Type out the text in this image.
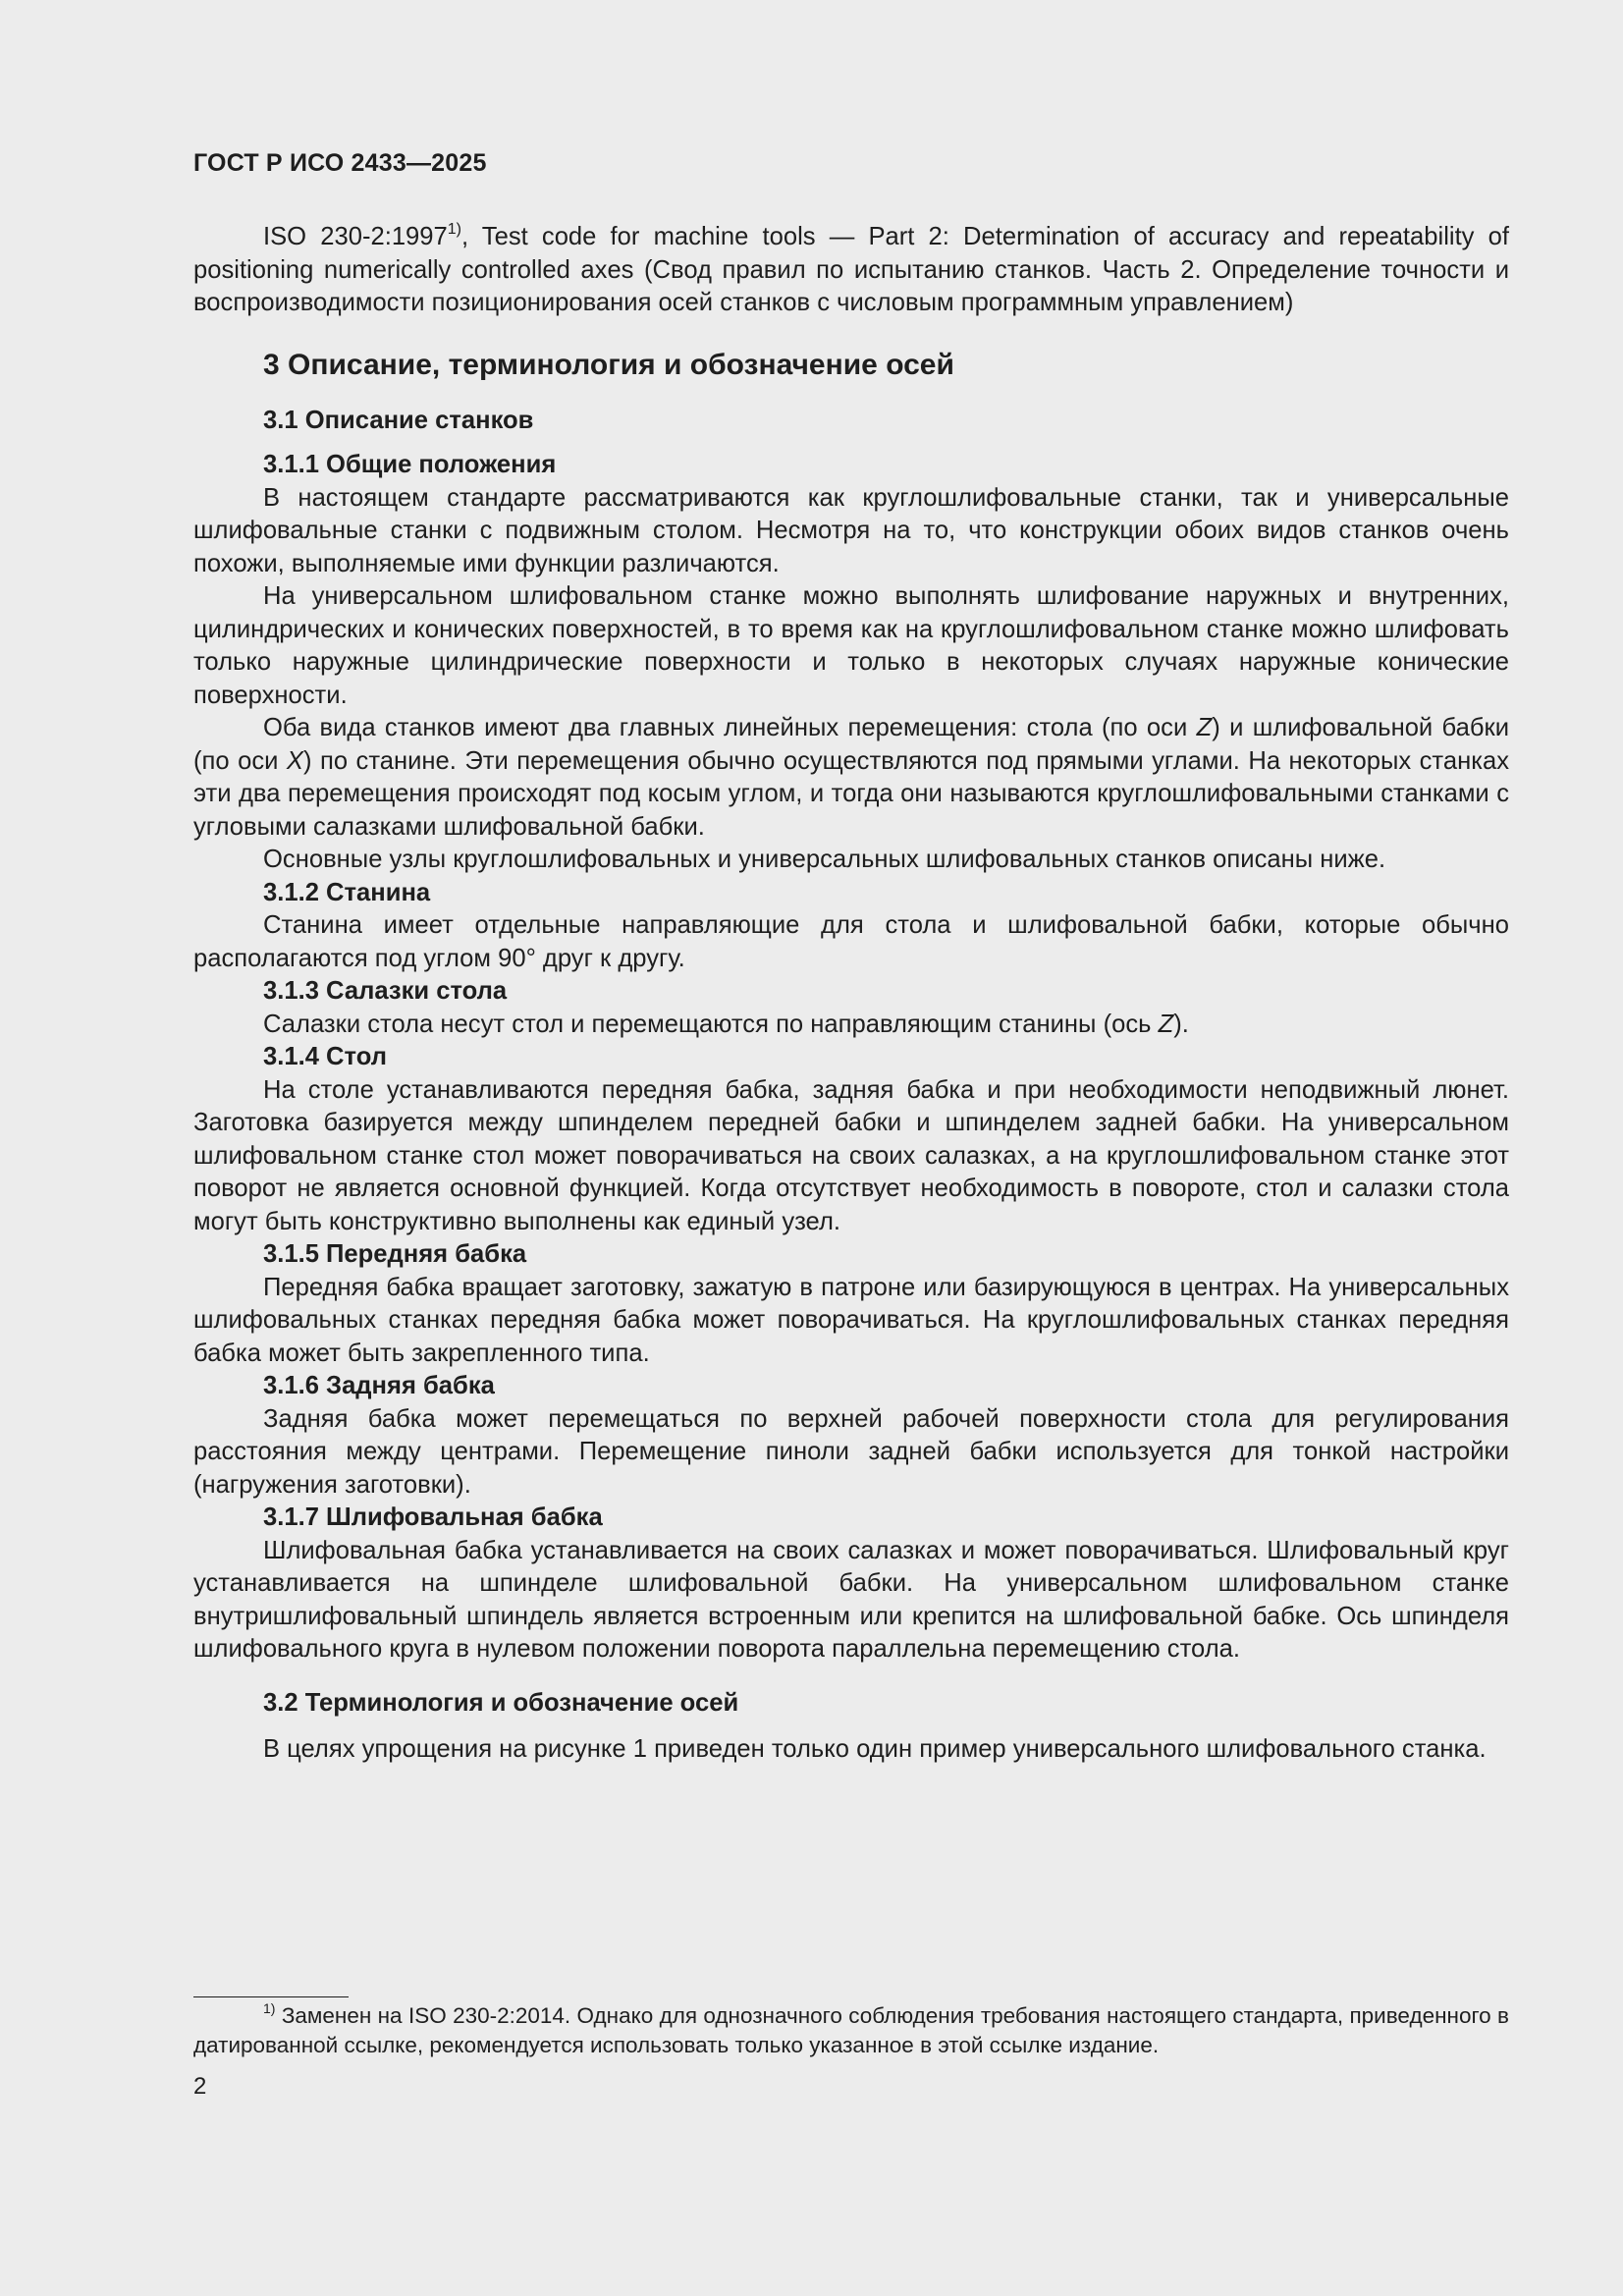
ГОСТ Р ИСО 2433—2025

ISO 230-2:1997$^{1)}$, Test code for machine tools — Part 2: Determination of accuracy and repeatability of positioning numerically controlled axes (Свод правил по испытанию станков. Часть 2. Определение точности и воспроизводимости позиционирования осей станков с числовым программным управлением)

3 Описание, терминология и обозначение осей
3.1 Описание станков
3.1.1 Общие положения

В настоящем стандарте рассматриваются как круглошлифовальные станки, так и универсальные шлифовальные станки с подвижным столом. Несмотря на то, что конструкции обоих видов станков очень похожи, выполняемые ими функции различаются.

На универсальном шлифовальном станке можно выполнять шлифование наружных и внутренних, цилиндрических и конических поверхностей, в то время как на круглошлифовальном станке можно шлифовать только наружные цилиндрические поверхности и только в некоторых случаях наружные конические поверхности.

Оба вида станков имеют два главных линейных перемещения: стола (по оси Z) и шлифовальной бабки (по оси X) по станине. Эти перемещения обычно осуществляются под прямыми углами. На некоторых станках эти два перемещения происходят под косым углом, и тогда они называются круглошлифовальными станками с угловыми салазками шлифовальной бабки.

Основные узлы круглошлифовальных и универсальных шлифовальных станков описаны ниже.

3.1.2 Станина

Станина имеет отдельные направляющие для стола и шлифовальной бабки, которые обычно располагаются под углом 90° друг к другу.

3.1.3 Салазки стола

Салазки стола несут стол и перемещаются по направляющим станины (ось Z).

3.1.4 Стол

На столе устанавливаются передняя бабка, задняя бабка и при необходимости неподвижный люнет. Заготовка базируется между шпинделем передней бабки и шпинделем задней бабки. На универсальном шлифовальном станке стол может поворачиваться на своих салазках, а на круглошлифовальном станке этот поворот не является основной функцией. Когда отсутствует необходимость в повороте, стол и салазки стола могут быть конструктивно выполнены как единый узел.

3.1.5 Передняя бабка

Передняя бабка вращает заготовку, зажатую в патроне или базирующуюся в центрах. На универсальных шлифовальных станках передняя бабка может поворачиваться. На круглошлифовальных станках передняя бабка может быть закрепленного типа.

3.1.6 Задняя бабка

Задняя бабка может перемещаться по верхней рабочей поверхности стола для регулирования расстояния между центрами. Перемещение пиноли задней бабки используется для тонкой настройки (нагружения заготовки).

3.1.7 Шлифовальная бабка

Шлифовальная бабка устанавливается на своих салазках и может поворачиваться. Шлифовальный круг устанавливается на шпинделе шлифовальной бабки. На универсальном шлифовальном станке внутришлифовальный шпиндель является встроенным или крепится на шлифовальной бабке. Ось шпинделя шлифовального круга в нулевом положении поворота параллельна перемещению стола.

3.2 Терминология и обозначение осей

В целях упрощения на рисунке 1 приведен только один пример универсального шлифовального станка.

$^{1)}$ Заменен на ISO 230-2:2014. Однако для однозначного соблюдения требования настоящего стандарта, приведенного в датированной ссылке, рекомендуется использовать только указанное в этой ссылке издание.

2
